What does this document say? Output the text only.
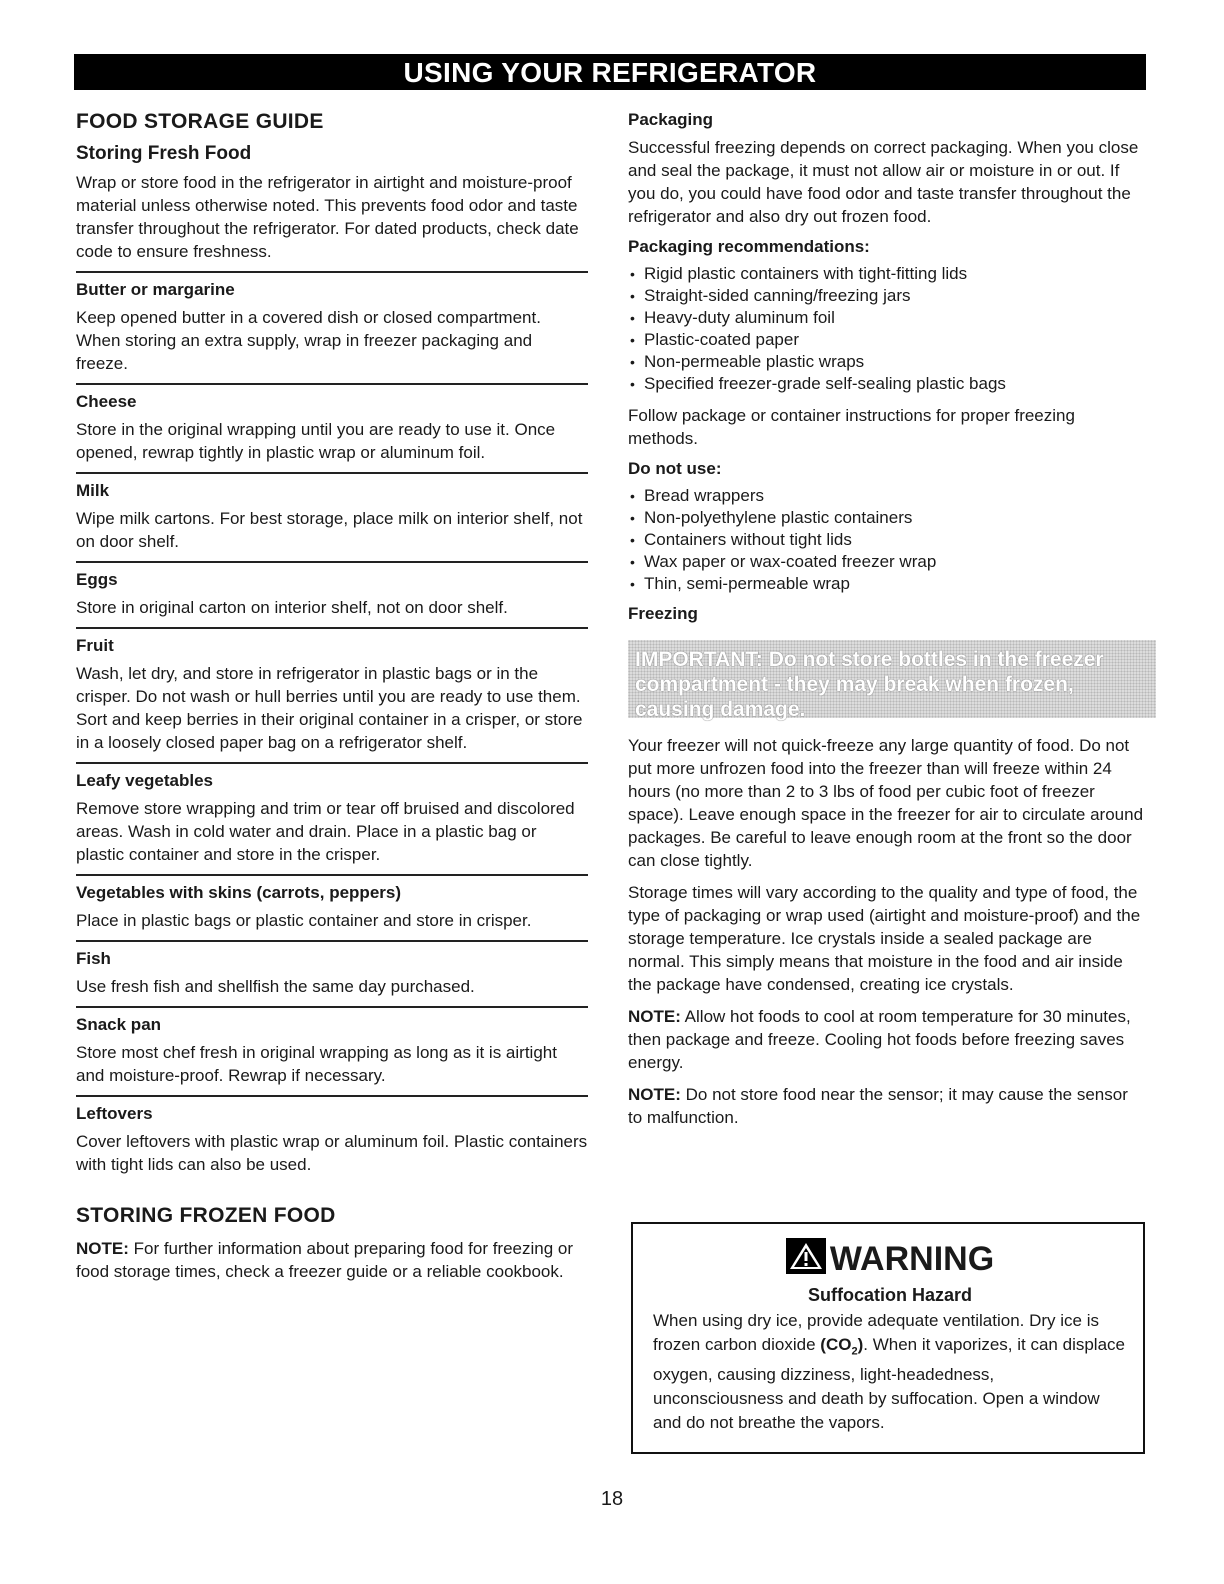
USING YOUR REFRIGERATOR
FOOD STORAGE GUIDE
Storing Fresh Food

Wrap or store food in the refrigerator in airtight and moisture-proof material unless otherwise noted. This prevents food odor and taste transfer throughout the refrigerator. For dated products, check date code to ensure freshness.

Butter or margarine

Keep opened butter in a covered dish or closed compartment. When storing an extra supply, wrap in freezer packaging and freeze.

Cheese

Store in the original wrapping until you are ready to use it. Once opened, rewrap tightly in plastic wrap or aluminum foil.

Milk

Wipe milk cartons. For best storage, place milk on interior shelf, not on door shelf.

Eggs

Store in original carton on interior shelf, not on door shelf.

Fruit

Wash, let dry, and store in refrigerator in plastic bags or in the crisper. Do not wash or hull berries until you are ready to use them. Sort and keep berries in their original container in a crisper, or store in a loosely closed paper bag on a refrigerator shelf.

Leafy vegetables

Remove store wrapping and trim or tear off bruised and discolored areas. Wash in cold water and drain. Place in a plastic bag or plastic container and store in the crisper.

Vegetables with skins (carrots, peppers)

Place in plastic bags or plastic container and store in crisper.

Fish

Use fresh fish and shellfish the same day purchased.

Snack pan

Store most chef fresh in original wrapping as long as it is airtight and moisture-proof. Rewrap if necessary.

Leftovers

Cover leftovers with plastic wrap or aluminum foil. Plastic containers with tight lids can also be used.

STORING FROZEN FOOD

NOTE: For further information about preparing food for freezing or food storage times, check a freezer guide or a reliable cookbook.

Packaging

Successful freezing depends on correct packaging. When you close and seal the package, it must not allow air or moisture in or out. If you do, you could have food odor and taste transfer throughout the refrigerator and also dry out frozen food.

Packaging recommendations:
• Rigid plastic containers with tight-fitting lids
• Straight-sided canning/freezing jars
• Heavy-duty aluminum foil
• Plastic-coated paper
• Non-permeable plastic wraps
• Specified freezer-grade self-sealing plastic bags

Follow package or container instructions for proper freezing methods.

Do not use:
• Bread wrappers
• Non-polyethylene plastic containers
• Containers without tight lids
• Wax paper or wax-coated freezer wrap
• Thin, semi-permeable wrap
Freezing
IMPORTANT: Do not store bottles in the freezer compartment - they may break when frozen, causing damage.

Your freezer will not quick-freeze any large quantity of food. Do not put more unfrozen food into the freezer than will freeze within 24 hours (no more than 2 to 3 lbs of food per cubic foot of freezer space). Leave enough space in the freezer for air to circulate around packages. Be careful to leave enough room at the front so the door can close tightly.

Storage times will vary according to the quality and type of food, the type of packaging or wrap used (airtight and moisture-proof) and the storage temperature. Ice crystals inside a sealed package are normal. This simply means that moisture in the food and air inside the package have condensed, creating ice crystals.

NOTE: Allow hot foods to cool at room temperature for 30 minutes, then package and freeze. Cooling hot foods before freezing saves energy.

NOTE: Do not store food near the sensor; it may cause the sensor to malfunction.

WARNING
Suffocation Hazard

When using dry ice, provide adequate ventilation. Dry ice is frozen carbon dioxide $(CO_2)$. When it vaporizes, it can displace oxygen, causing dizziness, light-headedness, unconsciousness and death by suffocation. Open a window and do not breathe the vapors.

18
